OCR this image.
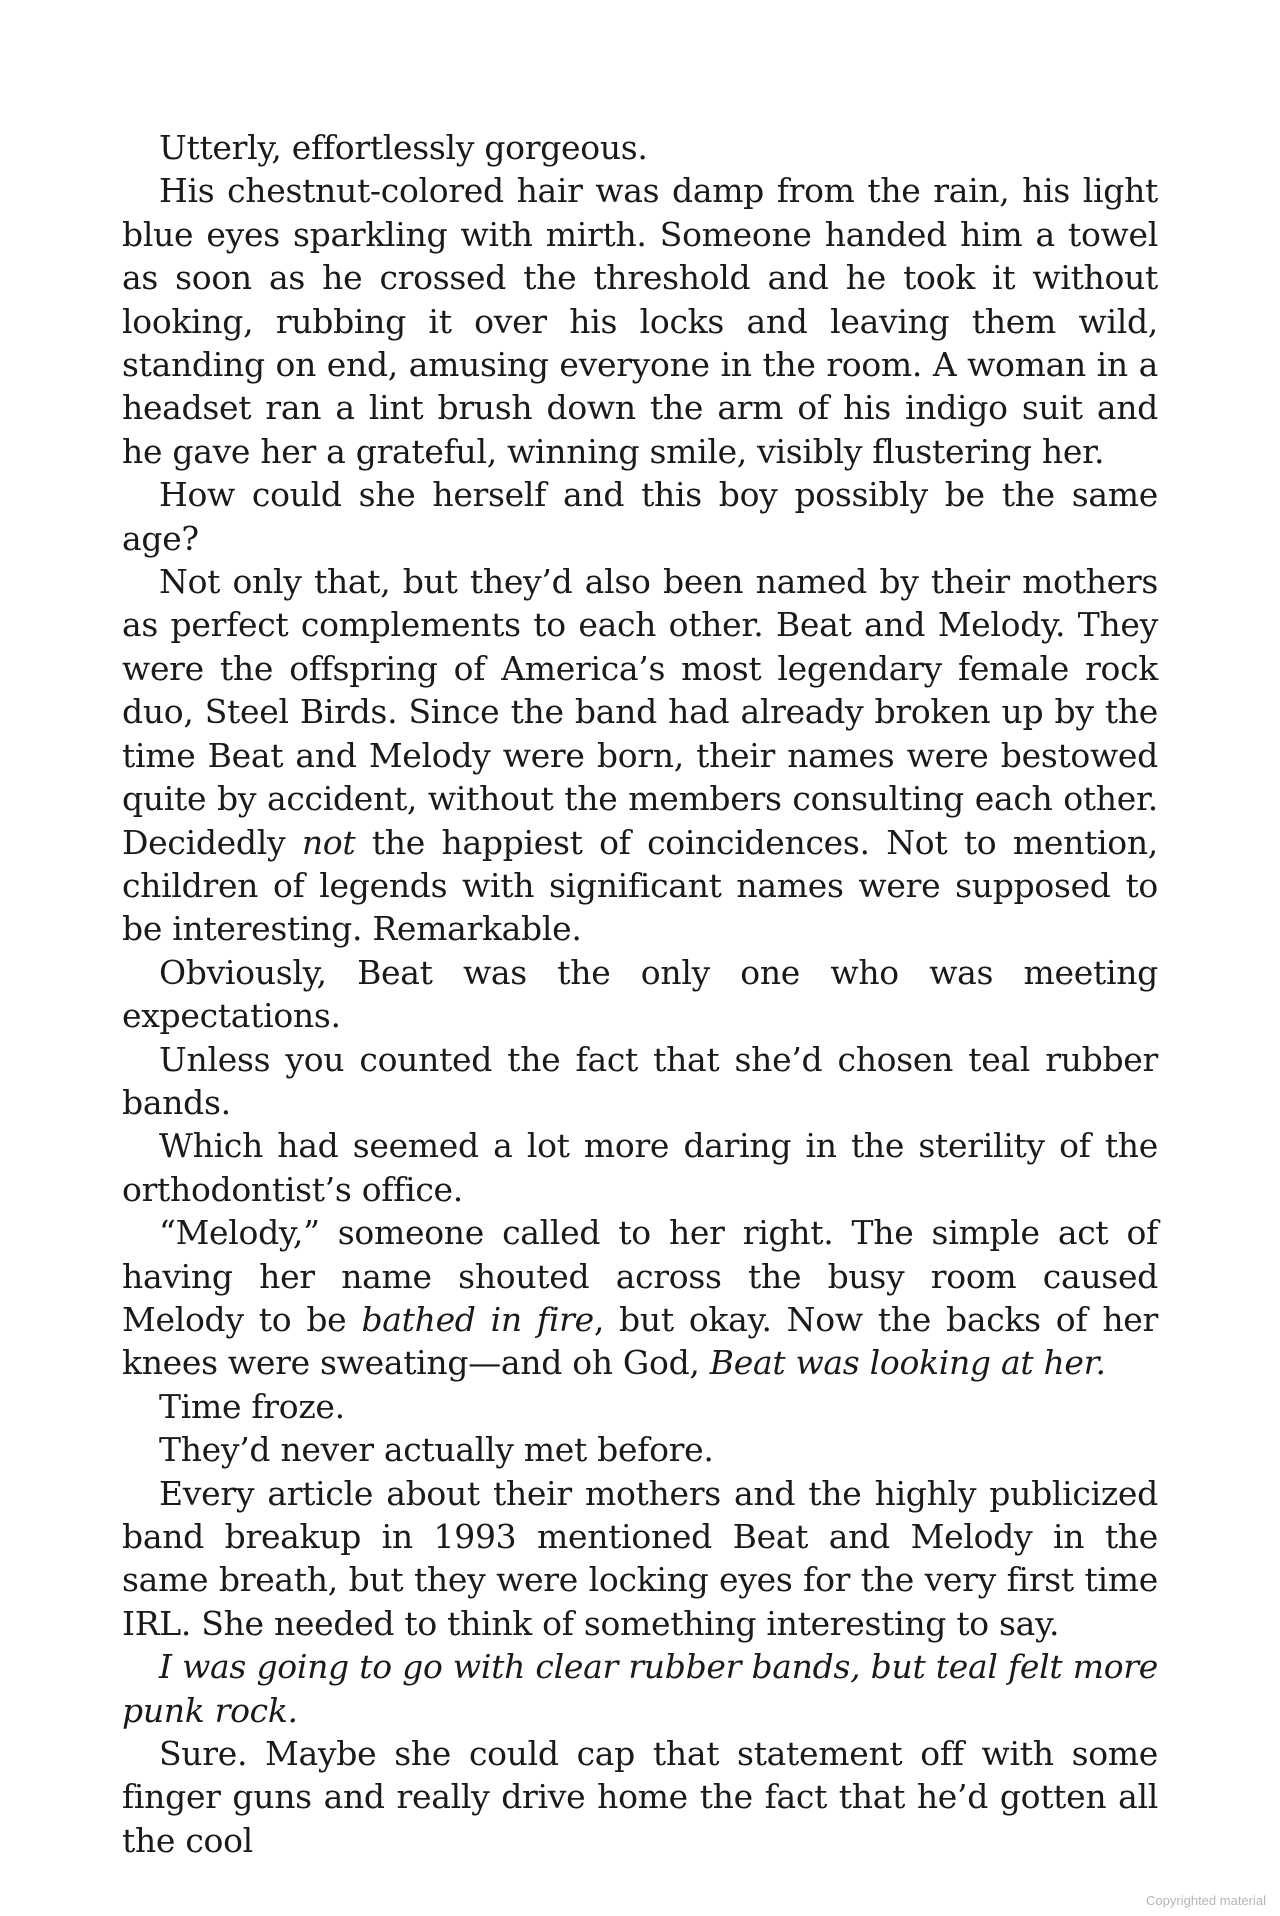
Utterly, effortlessly gorgeous.

His chestnut-colored hair was damp from the rain, his light blue eyes sparkling with mirth. Someone handed him a towel as soon as he crossed the threshold and he took it without looking, rubbing it over his locks and leaving them wild, standing on end, amusing everyone in the room. A woman in a headset ran a lint brush down the arm of his indigo suit and he gave her a grateful, winning smile, visibly flustering her.

How could she herself and this boy possibly be the same age?

Not only that, but they’d also been named by their mothers as perfect complements to each other. Beat and Melody. They were the offspring of America’s most legendary female rock duo, Steel Birds. Since the band had already broken up by the time Beat and Melody were born, their names were bestowed quite by accident, without the members consulting each other. Decidedly not the happiest of coincidences. Not to mention, children of legends with significant names were supposed to be interesting. Remarkable.

Obviously, Beat was the only one who was meeting expectations.

Unless you counted the fact that she’d chosen teal rubber bands.

Which had seemed a lot more daring in the sterility of the orthodontist’s office.

“Melody,” someone called to her right. The simple act of having her name shouted across the busy room caused Melody to be bathed in fire, but okay. Now the backs of her knees were sweating—and oh God, Beat was looking at her.

Time froze.

They’d never actually met before.

Every article about their mothers and the highly publicized band breakup in 1993 mentioned Beat and Melody in the same breath, but they were locking eyes for the very first time IRL. She needed to think of something interesting to say.

I was going to go with clear rubber bands, but teal felt more punk rock.

Sure. Maybe she could cap that statement off with some finger guns and really drive home the fact that he’d gotten all the cool

Copyrighted material
